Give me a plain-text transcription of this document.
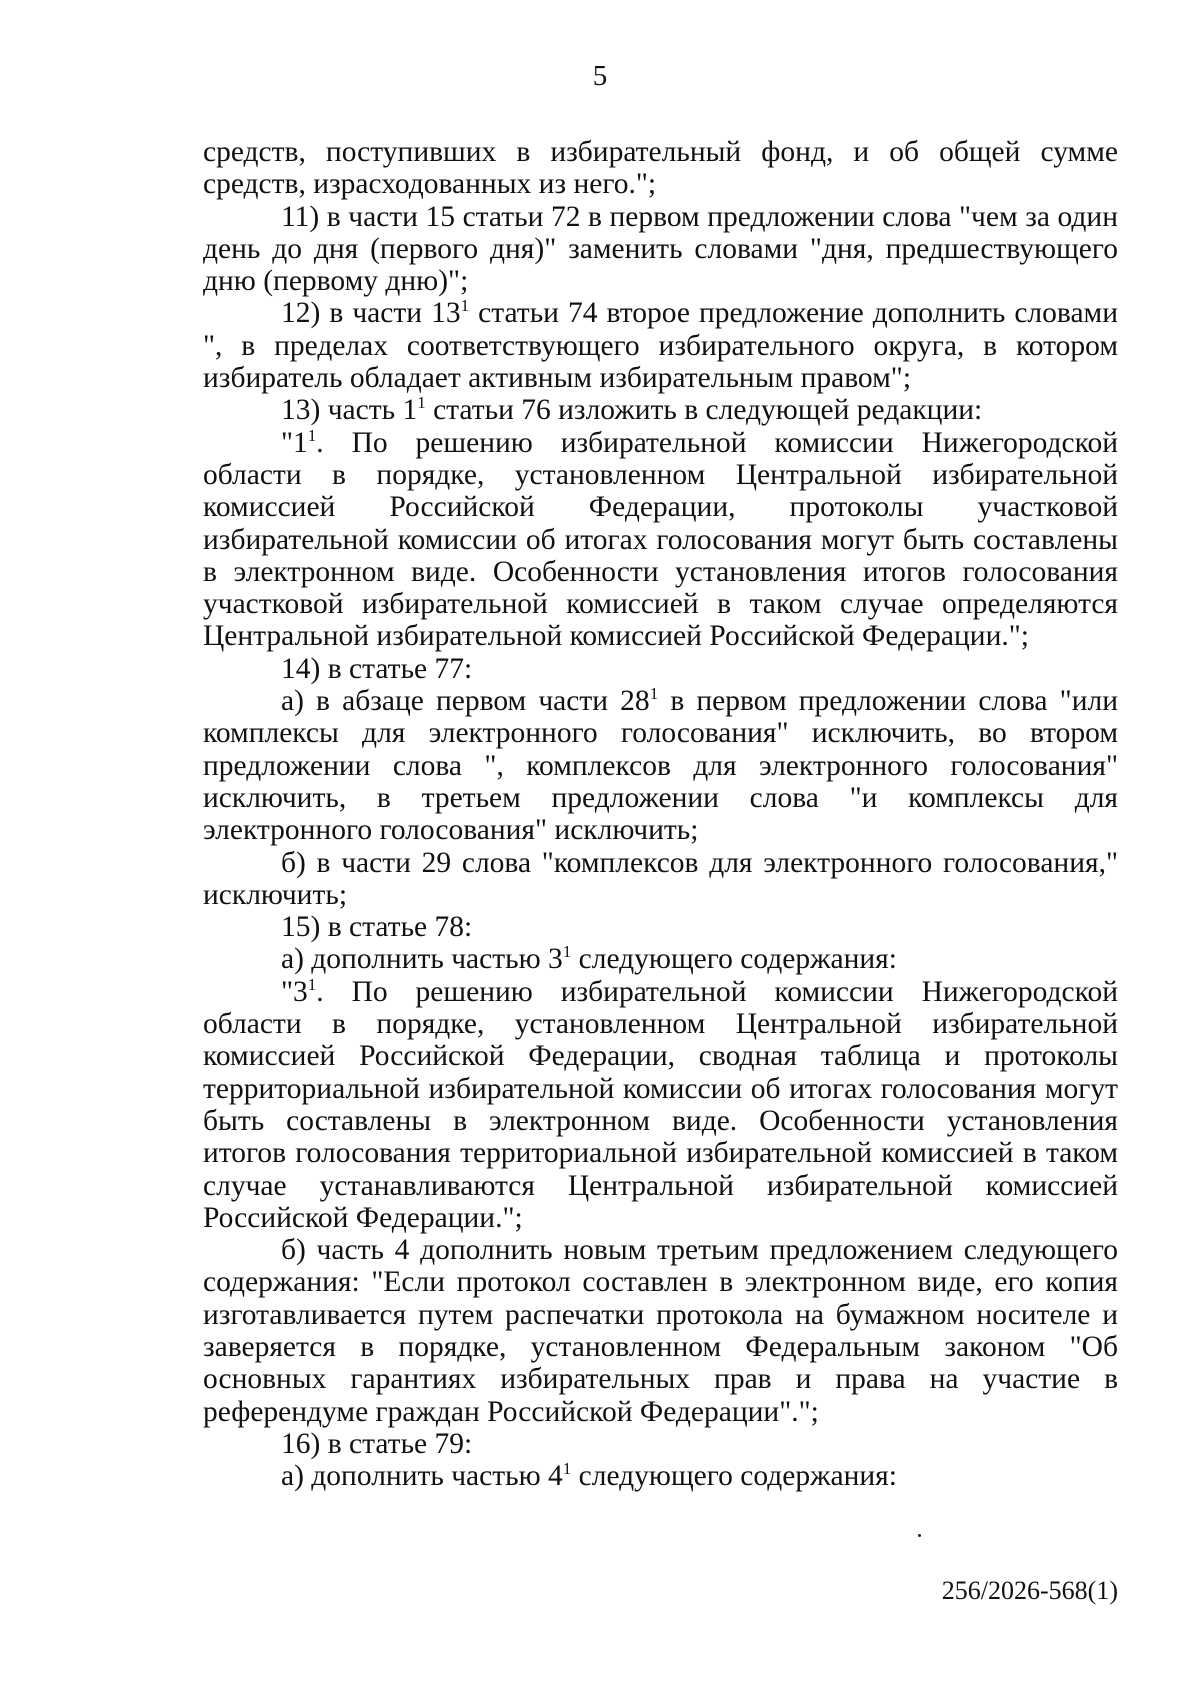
5

средств, поступивших в избирательный фонд, и об общей сумме средств, израсходованных из него.";

11) в части 15 статьи 72 в первом предложении слова "чем за один день до дня (первого дня)" заменить словами "дня, предшествующего дню (первому дню)";

12) в части $13^1$ статьи 74 второе предложение дополнить словами ", в пределах соответствующего избирательного округа, в котором избиратель обладает активным избирательным правом";

13) часть $1^1$ статьи 76 изложить в следующей редакции:

"$1^1$. По решению избирательной комиссии Нижегородской области в порядке, установленном Центральной избирательной комиссией Российской Федерации, протоколы участковой избирательной комиссии об итогах голосования могут быть составлены в электронном виде. Особенности установления итогов голосования участковой избирательной комиссией в таком случае определяются Центральной избирательной комиссией Российской Федерации.";

14) в статье 77:

а) в абзаце первом части $28^1$ в первом предложении слова "или комплексы для электронного голосования" исключить, во втором предложении слова ", комплексов для электронного голосования" исключить, в третьем предложении слова "и комплексы для электронного голосования" исключить;

б) в части 29 слова "комплексов для электронного голосования," исключить;

15) в статье 78:

а) дополнить частью $3^1$ следующего содержания:

"$3^1$. По решению избирательной комиссии Нижегородской области в порядке, установленном Центральной избирательной комиссией Российской Федерации, сводная таблица и протоколы территориальной избирательной комиссии об итогах голосования могут быть составлены в электронном виде. Особенности установления итогов голосования территориальной избирательной комиссией в таком случае устанавливаются Центральной избирательной комиссией Российской Федерации.";

б) часть 4 дополнить новым третьим предложением следующего содержания: "Если протокол составлен в электронном виде, его копия изготавливается путем распечатки протокола на бумажном носителе и заверяется в порядке, установленном Федеральным законом "Об основных гарантиях избирательных прав и права на участие в референдуме граждан Российской Федерации".";

16) в статье 79:

а) дополнить частью $4^1$ следующего содержания:

256/2026-568(1)
